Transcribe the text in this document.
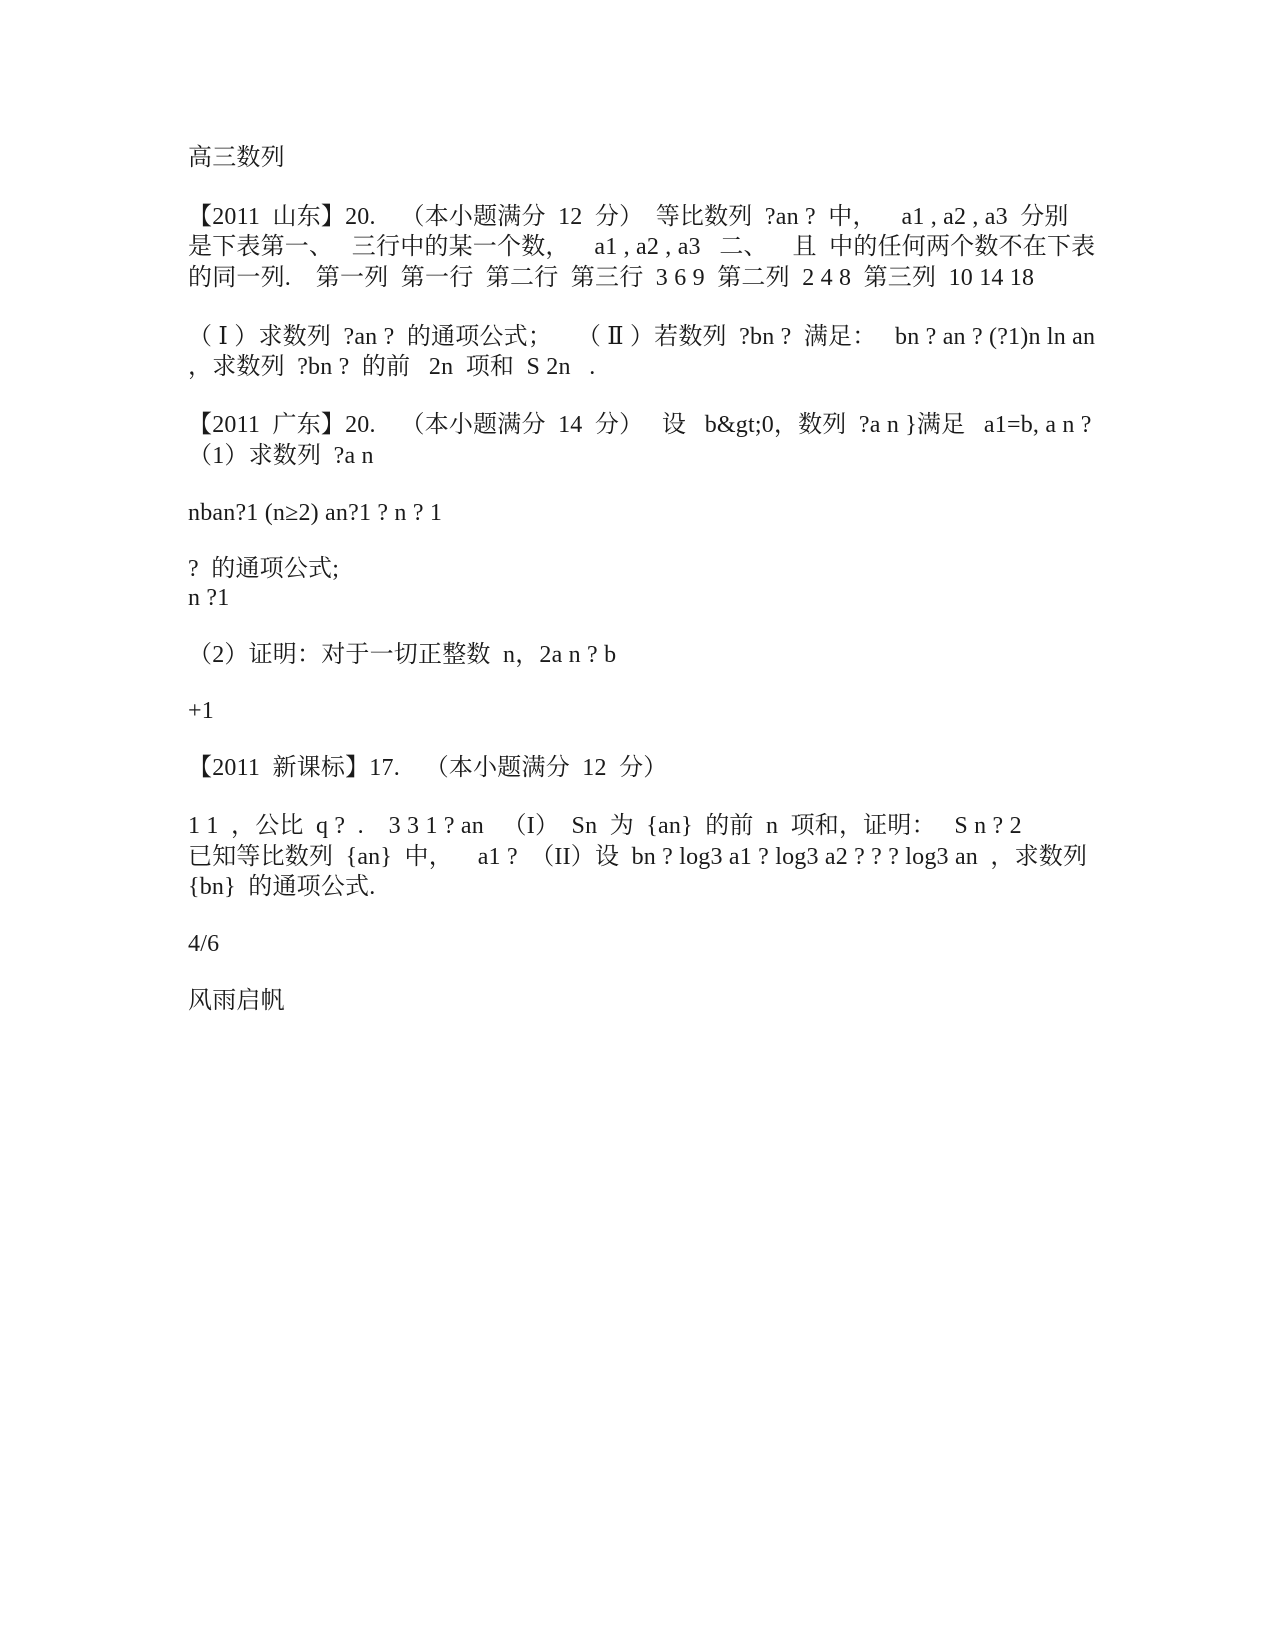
高三数列
【2011  山东】20.    （本小题满分  12  分）  等比数列  ?an ?  中，    a1 , a2 , a3  分别
是下表第一、   三行中的某一个数，    a1 , a2 , a3   二、    且  中的任何两个数不在下表
的同一列.    第一列  第一行  第二行  第三行  3 6 9  第二列  2 4 8  第三列  10 14 18
（ Ⅰ ）求数列  ?an ?  的通项公式；    （ Ⅱ ）若数列  ?bn ?  满足：   bn ? an ? (?1)n ln an
，求数列  ?bn ?  的前   2n  项和  S 2n   .
【2011  广东】20.    （本小题满分  14  分）   设   b&gt;0，数列  ?a n }满足   a1=b, a n ?
（1）求数列  ?a n
nban?1 (n≥2) an?1 ? n ? 1
?  的通项公式;
n ?1
（2）证明：对于一切正整数  n，2a n ? b
+1
【2011  新课标】17.    （本小题满分  12  分）
1 1  ，公比  q ?  .    3 3 1 ? an   （I）  Sn  为  {an}  的前  n  项和，证明：   S n ? 2
已知等比数列  {an}  中，    a1 ?  （II）设  bn ? log3 a1 ? log3 a2 ? ? ? log3 an  ，求数列
{bn}  的通项公式.
4/6
风雨启帆
